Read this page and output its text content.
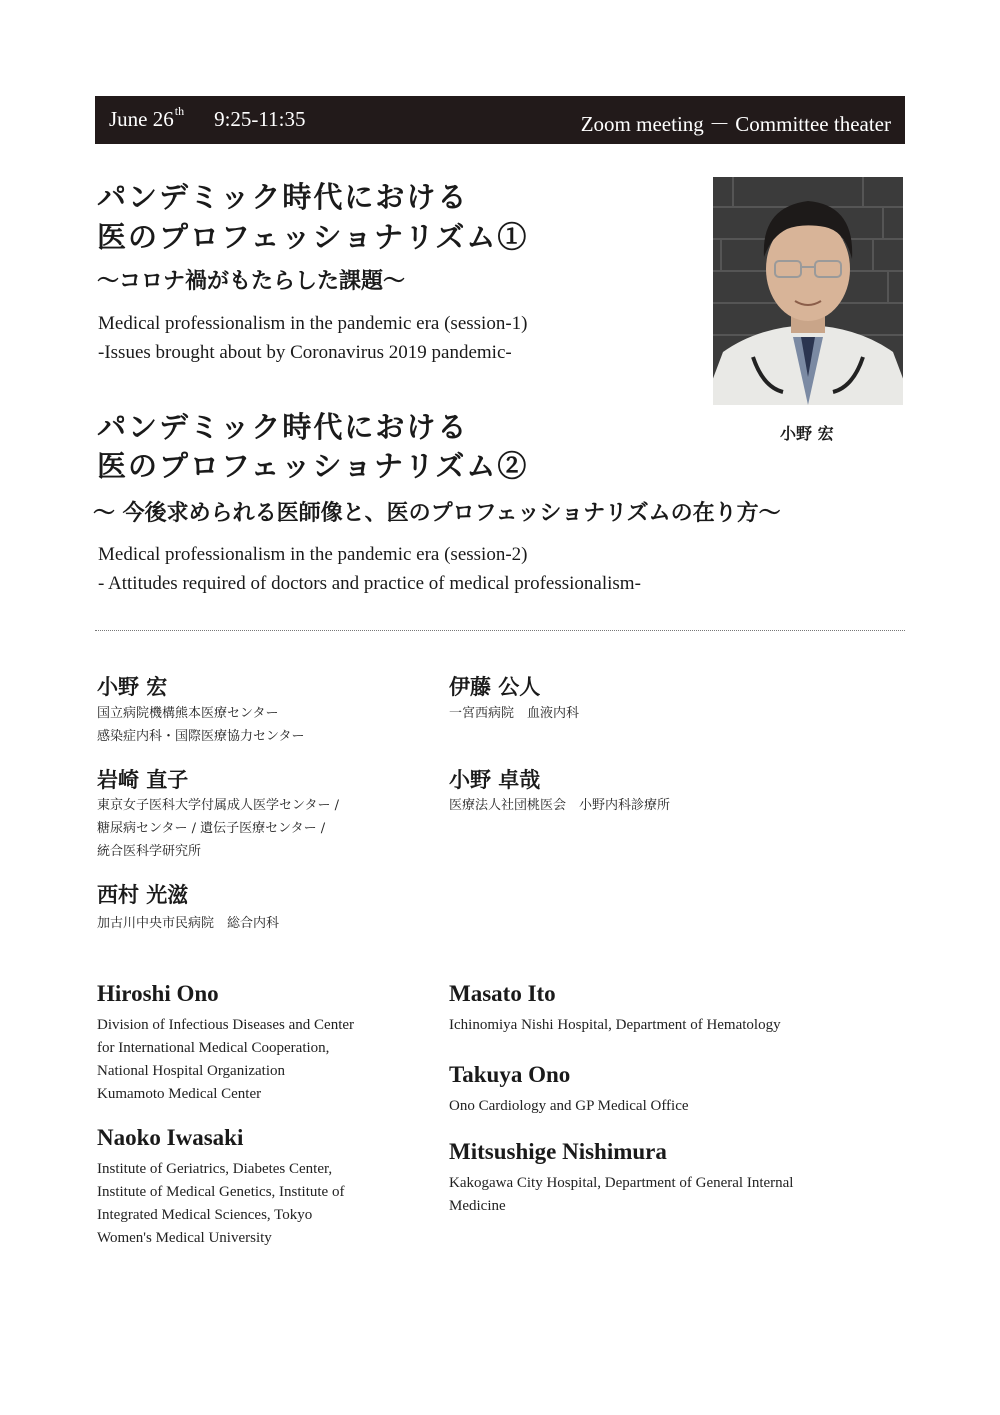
June 26th 9:25-11:35	Zoom meeting － Committee theater
パンデミック時代における
医のプロフェッショナリズム①
〜コロナ禍がもたらした課題〜
Medical professionalism in the pandemic era (session-1)
-Issues brought about by Coronavirus 2019 pandemic-
小野 宏
パンデミック時代における
医のプロフェッショナリズム②
〜 今後求められる医師像と、医のプロフェッショナリズムの在り方〜
Medical professionalism in the pandemic era (session-2)
- Attitudes required of doctors and practice of medical professionalism-
小野 宏
国立病院機構熊本医療センター
感染症内科・国際医療協力センター
岩崎 直子
東京女子医科大学付属成人医学センター /
糖尿病センター / 遺伝子医療センター /
統合医科学研究所
西村 光滋
加古川中央市民病院　総合内科
伊藤 公人
一宮西病院　血液内科
小野 卓哉
医療法人社団桃医会　小野内科診療所
Hiroshi Ono
Division of Infectious Diseases and Center
for International Medical Cooperation,
National Hospital Organization
Kumamoto Medical Center
Naoko Iwasaki
Institute of Geriatrics, Diabetes Center,
Institute of Medical Genetics, Institute of
Integrated Medical Sciences, Tokyo
Women's Medical University
Masato Ito
Ichinomiya Nishi Hospital, Department of Hematology
Takuya Ono
Ono Cardiology and GP Medical Office
Mitsushige Nishimura
Kakogawa City Hospital, Department of General Internal
Medicine
